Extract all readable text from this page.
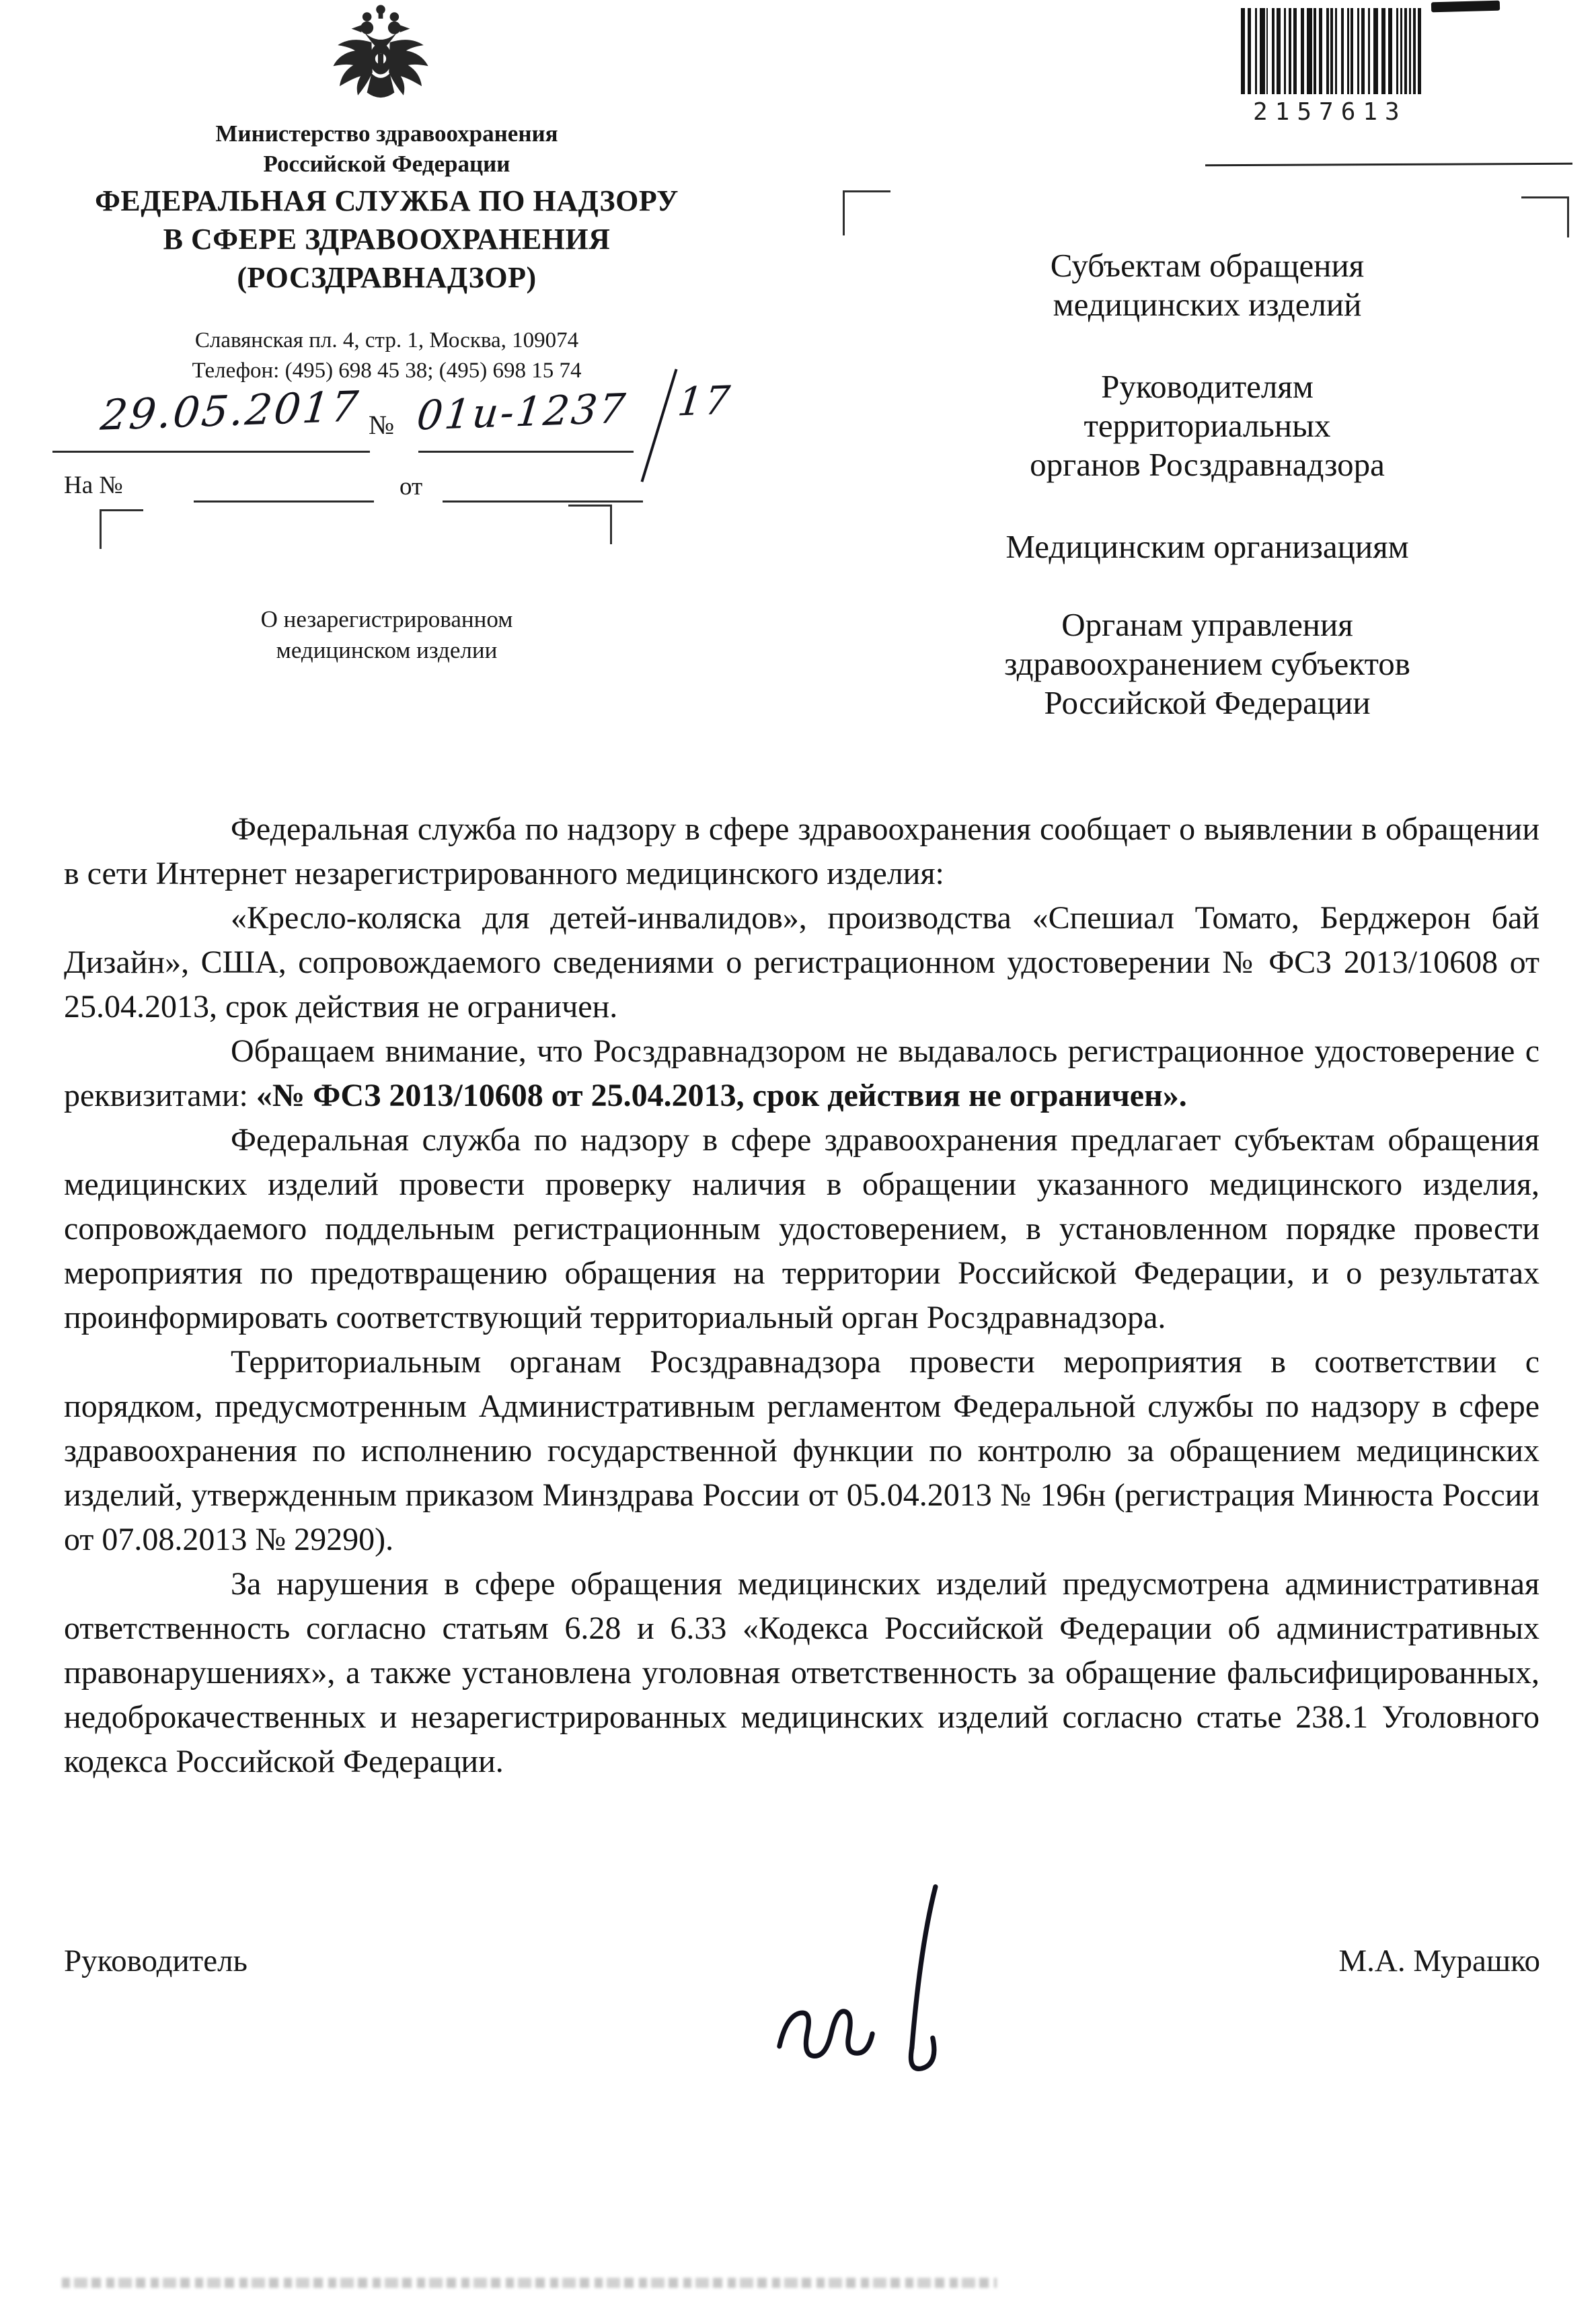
Министерство здравоохранения
Российской Федерации
ФЕДЕРАЛЬНАЯ СЛУЖБА ПО НАДЗОРУ
В СФЕРЕ ЗДРАВООХРАНЕНИЯ
(РОСЗДРАВНАДЗОР)
Славянская пл. 4, стр. 1, Москва, 109074
Телефон: (495) 698 45 38; (495) 698 15 74
29.05.2017 № 01и-1237 17
На №	от
О незарегистрированном
медицинском изделии
2157613
Субъектам обращения
медицинских изделий
Руководителям
территориальных
органов Росздравнадзора
Медицинским организациям
Органам управления
здравоохранением субъектов
Российской Федерации

Федеральная служба по надзору в сфере здравоохранения сообщает о выявлении в обращении в сети Интернет незарегистрированного медицинского изделия:

«Кресло-коляска для детей-инвалидов», производства «Спешиал Томато, Берджерон бай Дизайн», США, сопровождаемого сведениями о регистрационном удостоверении № ФСЗ 2013/10608 от 25.04.2013, срок действия не ограничен.

Обращаем внимание, что Росздравнадзором не выдавалось регистрационное удостоверение с реквизитами: «№ ФСЗ 2013/10608 от 25.04.2013, срок действия не ограничен».

Федеральная служба по надзору в сфере здравоохранения предлагает субъектам обращения медицинских изделий провести проверку наличия в обращении указанного медицинского изделия, сопровождаемого поддельным регистрационным удостоверением, в установленном порядке провести мероприятия по предотвращению обращения на территории Российской Федерации, и о результатах проинформировать соответствующий территориальный орган Росздравнадзора.

Территориальным органам Росздравнадзора провести мероприятия в соответствии с порядком, предусмотренным Административным регламентом Федеральной службы по надзору в сфере здравоохранения по исполнению государственной функции по контролю за обращением медицинских изделий, утвержденным приказом Минздрава России от 05.04.2013 № 196н (регистрация Минюста России от 07.08.2013 № 29290).

За нарушения в сфере обращения медицинских изделий предусмотрена административная ответственность согласно статьям 6.28 и 6.33 «Кодекса Российской Федерации об административных правонарушениях», а также установлена уголовная ответственность за обращение фальсифицированных, недоброкачественных и незарегистрированных медицинских изделий согласно статье 238.1 Уголовного кодекса Российской Федерации.

Руководитель	М.А. Мурашко
